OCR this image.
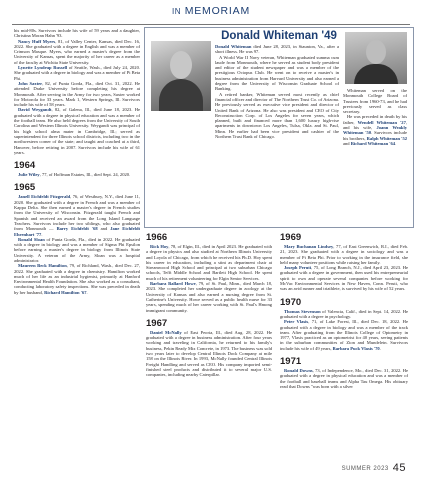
IN MEMORIAM

his mid-80s. Survivors include his wife of 59 years and a daughter, Christina Moran Hahn '93.

Nancy Huff Myers, 81, of Valley Center, Kansas, died Dec. 16, 2022. She graduated with a degree in English and was a member of Crimson Masque. Myers, who earned a master's degree from the University of Kansas, spent the majority of her career as a member of the faculty at Wichita State University.

Lynette Lyndrup Russell of Seattle, Wash., died July 24, 2020. She graduated with a degree in biology and was a member of Pi Beta Phi.

John Saxter, 82, of Punta Gorda, Fla., died Oct. 31, 2022. He attended Drake University before completing his degree at Monmouth. After serving in the Army for two years, Saxter worked for Motorola for 33 years. Mark 1, Western Springs, Ill. Survivors include his wife of 58 years.

David Weygandt, 82, of Galena, Ill., died June 18, 2023. He graduated with a degree in physical education and was a member of the football team. He also held degrees from the University of South Carolina and Western Illinois University. Weygandt was principal of his high school alma mater in Cambridge, Ill.; served as superintendent for three Illinois school districts, including two in the northwestern corner of the state; and taught and coached at a third, Hanover, before retiring in 2007. Survivors include his wife of 61 years.

1964

Julie Wiley, 77, of Hoffman Estates, Ill., died Sept. 24, 2020.

1965

Janell Eichfeldt Fitzgerald, 76, of Westbury, N.Y., died June 11, 2020. She graduated with a degree in French and was a member of Kappa Delta. She then earned a master's degree in French studies from the University of Wisconsin. Fitzgerald taught French and Spanish and received an award from the Long Island Language Teachers. Survivors include her two siblings, who also graduated from Monmouth — Barry Eichfeldt '68 and Jane Eichfeldt Ehrenhart '77.

Ronald Sloan of Punta Gorda, Fla., died in 2022. He graduated with a degree in biology and was a member of Sigma Phi Epsilon before earning a master's degree in biology from Illinois State University. A veteran of the Army, Sloan was a hospital administrator.

Maureen Beck Hamilton, 79, of Richland, Wash., died Dec. 27, 2022. She graduated with a degree in chemistry. Hamilton worked much of her life as an industrial hygienist, primarily at Hanford Environmental Health Foundation. She also worked as a consultant, conducting laboratory safety inspections. She was preceded in death by her husband, Richard Hamilton '67.

Donald Whiteman '49

Donald Whiteman died June 28, 2023, in Staunton, Va., after a short illness. He was 97.

A World War II Navy veteran, Whiteman graduated summa cum laude from Monmouth, where he served as student body president and editor of the student newspaper and was a member of the prestigious Octopus Club. He went on to receive a master's in business administration from Harvard University and also earned a degree from the University of Wisconsin Graduate School of Banking.

A retired banker, Whiteman served most recently as chief financial officer and director of The Northern Trust Co. of Arizona. He previously served as executive vice president and director of United Bank of Arizona. He also was president and CEO of City Reconstruction Corp. of Los Angeles for seven years, which planned, built and financed more than 1,600 luxury high-rise apartments in downtown Los Angeles, Tulsa, Okla. and St. Paul, Minn. He earlier had been vice president and cashier of the Northern Trust Bank of Chicago.

Whiteman served on the Monmouth College Board of Trustees from 1960-73, and he had previously served as class secretary.

He was preceded in death by his father, Wendell Whiteman '27, and his wife, Joann Weakly Whiteman '50. Survivors include his brothers, Ralph Whiteman '52 and Richard Whiteman '64.

1966

Rick Hoy, 78, of Elgin, Ill., died in April 2023. He graduated with a degree in physics and also studied at Northern Illinois University and Loyola of Chicago, from which he received his Ph.D. Hoy spent his career in education, including a stint as department chair at Streamwood High School and principal at two suburban Chicago schools, Tefft Middle School and Bartlett High School. He spent much of his retirement volunteering for Elgin Senior Services.

Barbara Ballard Howe, 79, of St. Paul, Minn., died March 18, 2023. She completed her undergraduate degree in zoology at the University of Kansas and also earned a nursing degree from St. Catherine's University. Howe served as a public health nurse for 33 years, spending much of her career working with St. Paul's Hmong immigrant community.

1967

Daniel McNally of East Peoria, Ill., died Aug. 28, 2022. He graduated with a degree in business administration. After four years working and traveling in California, he returned to his family's business, Pekin Ready Mix Concrete, in 1973. The business was sold two years later to develop Central Illinois Dock Company at mile 158 on the Illinois River. In 1993, McNally founded Central Illinois Freight Handling and served as CEO. His company imported semi-finished steel products and distributed it to several major U.S. companies, including nearby Caterpillar.

1969

Mary Buchanan Lindsey, 77, of East Greenwich, R.I., died Feb. 21, 2023. She graduated with a degree in sociology and was a member of Pi Beta Phi. Prior to working in the insurance field, she held many volunteer positions while raising her family.

Joseph Peruti, 75, of Long Branch, N.J., died April 23, 2023. He graduated with a degree in government, then used his entrepreneurial spirit to own and operate several companies before working for McVac Environmental Services in New Haven, Conn. Peruti, who was an avid runner and triathlete, is survived by his wife of 52 years.

1970

Thomas Stevenson of Valencia, Calif., died in Sept. 14, 2022. He graduated with a degree in psychology.

Peter Vlasis, 71, of Lake Forest, Ill., died Dec. 18, 2022. He graduated with a degree in biology and was a member of the track team. After graduating from the Illinois College of Optometry in 1977, Vlasis practiced as an optometrist for 40 years, seeing patients in the suburban communities of Zion and Mundelein. Survivors include his wife of 49 years, Barbara Puck Vlasis '70.

1971

Ronald Downs, 73, of Independence, Mo., died Dec. 31, 2022. He graduated with a degree in physical education and was a member of the football and baseball teams and Alpha Tau Omega. His obituary read that Downs "was born with a silver

SUMMER 2023 45
